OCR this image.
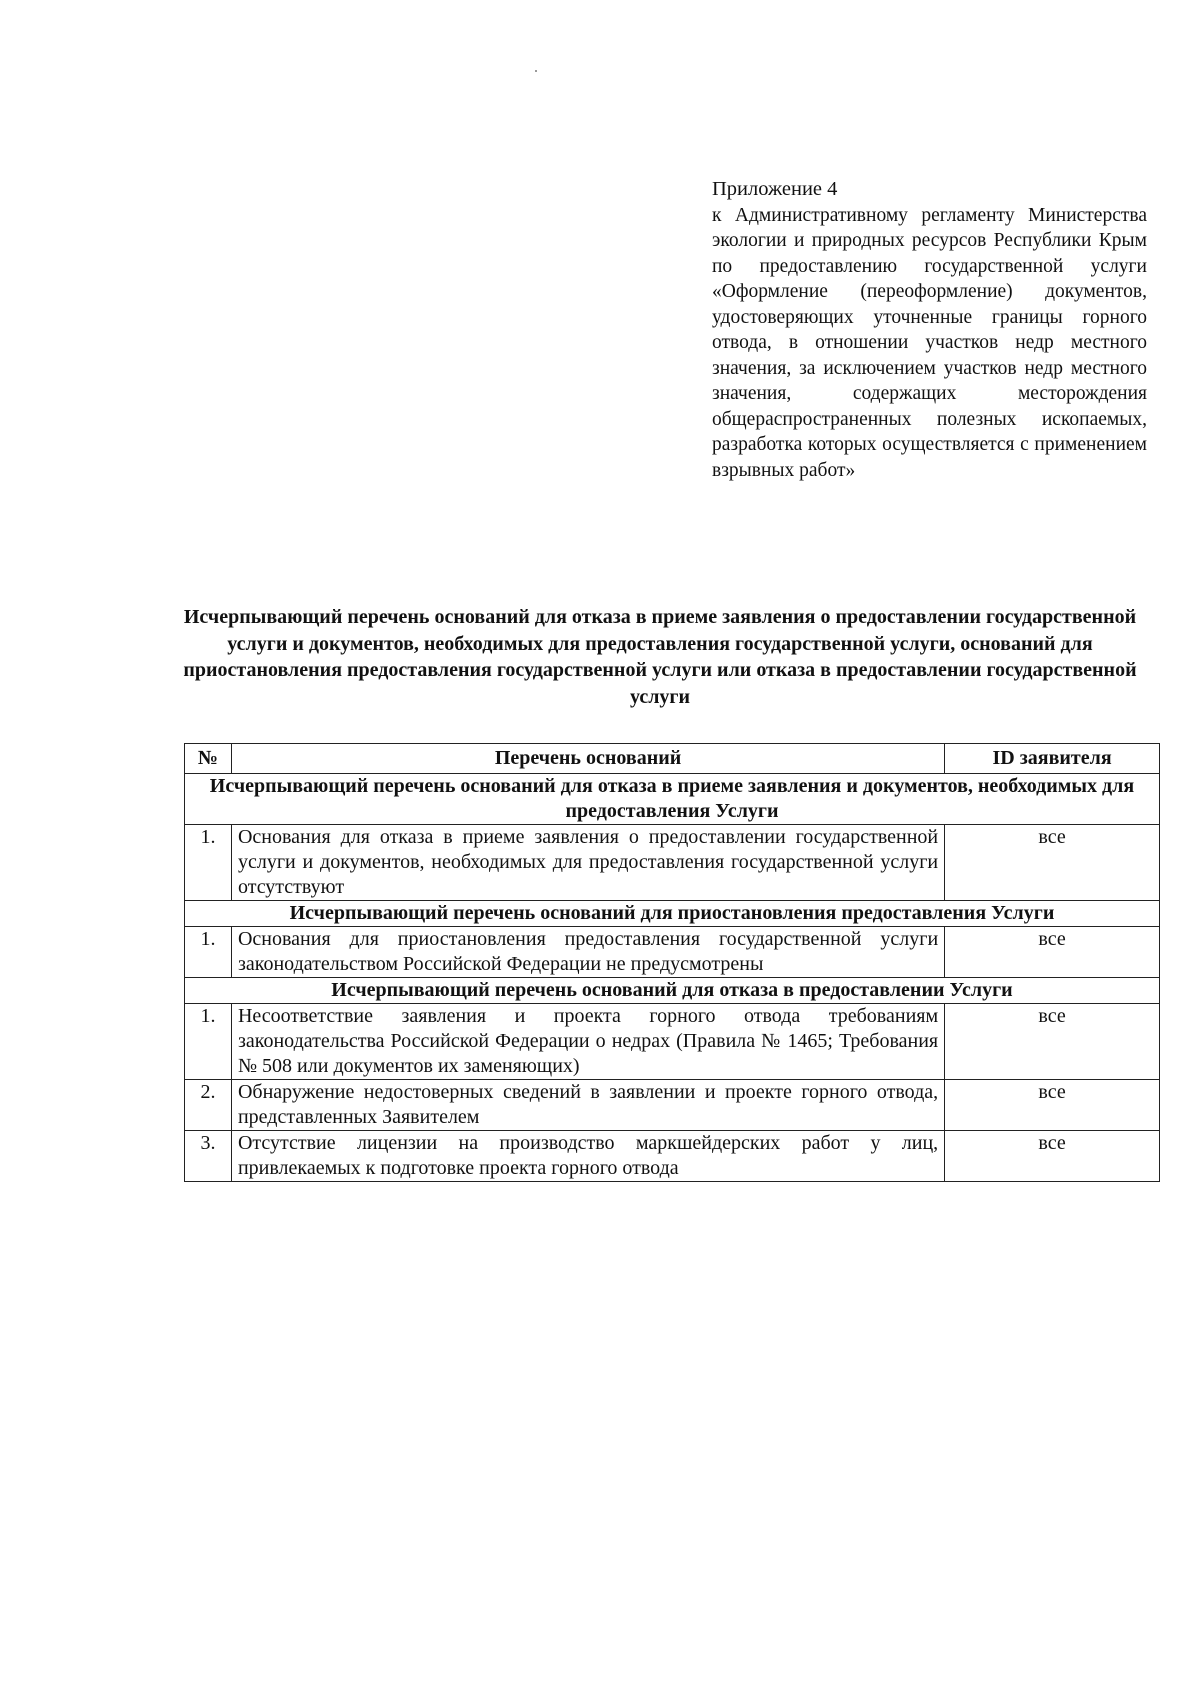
Приложение 4
к Административному регламенту Министерства экологии и природных ресурсов Республики Крым по предоставлению государственной услуги «Оформление (переоформление) документов, удостоверяющих уточненные границы горного отвода, в отношении участков недр местного значения, за исключением участков недр местного значения, содержащих месторождения общераспространенных полезных ископаемых, разработка которых осуществляется с применением взрывных работ»
Исчерпывающий перечень оснований для отказа в приеме заявления о предоставлении государственной услуги и документов, необходимых для предоставления государственной услуги, оснований для приостановления предоставления государственной услуги или отказа в предоставлении государственной услуги
№	Перечень оснований	ID заявителя
Исчерпывающий перечень оснований для отказа в приеме заявления и документов, необходимых для предоставления Услуги		
1.	Основания для отказа в приеме заявления о предоставлении государственной услуги и документов, необходимых для предоставления государственной услуги отсутствуют	все
Исчерпывающий перечень оснований для приостановления предоставления Услуги		
1.	Основания для приостановления предоставления государственной услуги законодательством Российской Федерации не предусмотрены	все
Исчерпывающий перечень оснований для отказа в предоставлении Услуги		
1.	Несоответствие заявления и проекта горного отвода требованиям законодательства Российской Федерации о недрах (Правила № 1465; Требования № 508 или документов их заменяющих)	все
2.	Обнаружение недостоверных сведений в заявлении и проекте горного отвода, представленных Заявителем	все
3.	Отсутствие лицензии на производство маркшейдерских работ у лиц, привлекаемых к подготовке проекта горного отвода	все
